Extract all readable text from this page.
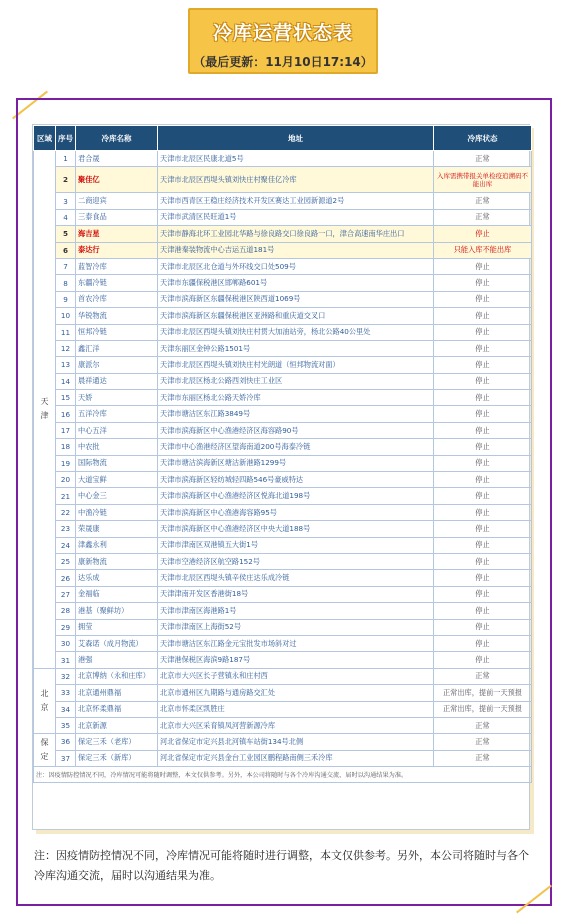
冷库运营状态表
（最后更新：11月10日17:14）
区域	序号	冷库名称	地址	冷库状态

天
津	1	君合晟	天津市北辰区民康北道5号	正常
	2	聚佳亿	天津市北辰区西堤头镇刘快庄村聚佳亿冷库	入库需携带报关单检疫追溯码不能出库
	3	二商迎宾	天津市西青区王稳庄经济技术开发区赛达工业园新源道2号	正常
	4	三泰食品	天津市武清区民旺道1号	正常
	5	海吉星	天津市静海北环工业园北华路与徐良路交口徐良路一口，津合高速南华庄出口	停止
	6	泰达行	天津港秦装物流中心吉运五道181号	只能入库不能出库
	7	蓝智冷库	天津市北辰区北仓道与外环线交口处509号	停止
	8	东疆冷链	天津市东疆保税港区邯郸路601号	停止
	9	首农冷库	天津市滨海新区东疆保税港区陕西道1069号	停止
	10	华锐物流	天津市滨海新区东疆保税港区亚洲路和重庆道交叉口	停止
	11	恒邦冷链	天津市北辰区西堤头镇刘快庄村贯大加油站旁，杨北公路40公里处	停止
	12	鑫汇洋	天津东丽区金钟公路1501号	停止
	13	康派尔	天津市北辰区西堤头镇刘快庄村光朗道（恒邦物流对面）	停止
	14	晨祥通达	天津市北辰区杨北公路西刘快庄工业区	停止
	15	天娇	天津市东丽区杨北公路天娇冷库	停止
	16	五洋冷库	天津市塘沽区东江路3849号	停止
	17	中心五洋	天津市滨海新区中心渔港经济区海容路90号	停止
	18	中农批	天津市中心渔港经济区望海南道200号海泰冷链	停止
	19	国际物流	天津市塘沽滨海新区塘沽新港路1299号	停止
	20	大道宝鲜	天津市滨海新区轻纺城轻四路546号豪威特达	停止
	21	中心金三	天津市滨海新区中心渔港经济区悦海北道198号	停止
	22	中渔冷链	天津市滨海新区中心渔港海容路95号	停止
	23	荣晟康	天津市滨海新区中心渔港经济区中央大道188号	停止
	24	津鑫永利	天津市津南区双港镇五大街1号	停止
	25	康新物流	天津市空港经济区航空路152号	停止
	26	达乐成	天津市北辰区西堤头镇辛侯庄达乐成冷链	停止
	27	金福临	天津津南开发区香港街18号	停止
	28	港基（聚鲜坊）	天津市津南区海港路1号	停止
	29	拥莹	天津市津南区上海街52号	停止
	30	艾森诺（成月物流）	天津市塘沽区东江路金元宝批发市场斜对过	停止
	31	港强	天津港保税区海滨9路187号	停止

北
京	32	北京博纳（永和庄库）	北京市大兴区长子营镇永和庄村西	正常
	33	北京通州鼎福	北京市通州区九期路与通房路交汇处	正常出库，提前一天预报
	34	北京怀柔鼎福	北京市怀柔区凯胜庄	正常出库，提前一天预报
	35	北京新源	北京市大兴区采育镇凤河营新源冷库	正常

保
定	36	保定三禾（老库）	河北省保定市定兴县北河镇车站街134号北侧	正常
	37	保定三禾（新库）	河北省保定市定兴县金台工业园区鹏程路南侧三禾冷库	正常
注：因疫情防控情况不同，冷库情况可能将随时调整，本文仅供参考。另外，本公司将随时与各个冷库沟通交流，届时以沟通结果为准。				
注：因疫情防控情况不同，冷库情况可能将随时进行调整，本文仅供参考。另外，本公司将随时与各个冷库沟通交流，届时以沟通结果为准。
